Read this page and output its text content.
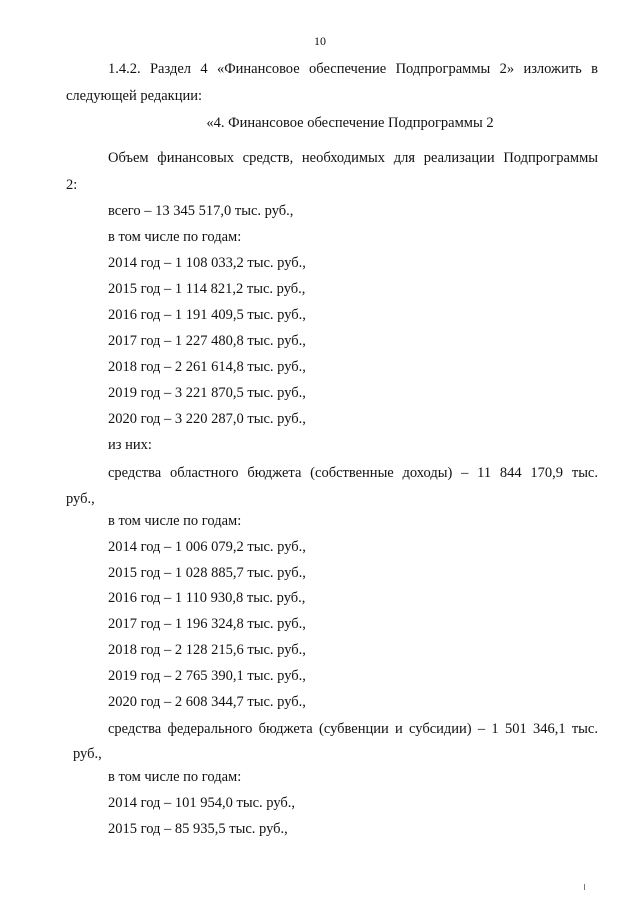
10
1.4.2. Раздел 4 «Финансовое обеспечение Подпрограммы 2» изложить в
следующей редакции:
«4. Финансовое обеспечение Подпрограммы 2
Объем финансовых средств, необходимых для реализации Подпрограммы
2:
всего – 13 345 517,0 тыс. руб.,
в том числе по годам:
2014 год – 1 108 033,2 тыс. руб.,
2015 год – 1 114 821,2 тыс. руб.,
2016 год – 1 191 409,5 тыс. руб.,
2017 год – 1 227 480,8 тыс. руб.,
2018 год – 2 261 614,8 тыс. руб.,
2019 год – 3 221 870,5 тыс. руб.,
2020 год – 3 220 287,0 тыс. руб.,
из них:
средства областного бюджета (собственные доходы) – 11 844 170,9 тыс.
руб.,
в том числе по годам:
2014 год – 1 006 079,2 тыс. руб.,
2015 год – 1 028 885,7 тыс. руб.,
2016 год – 1 110 930,8 тыс. руб.,
2017 год – 1 196 324,8 тыс. руб.,
2018 год – 2 128 215,6 тыс. руб.,
2019 год – 2 765 390,1 тыс. руб.,
2020 год – 2 608 344,7 тыс. руб.,
средства федерального бюджета (субвенции и субсидии) – 1 501 346,1 тыс.
руб.,
в том числе по годам:
2014 год – 101 954,0 тыс. руб.,
2015 год – 85 935,5 тыс. руб.,
